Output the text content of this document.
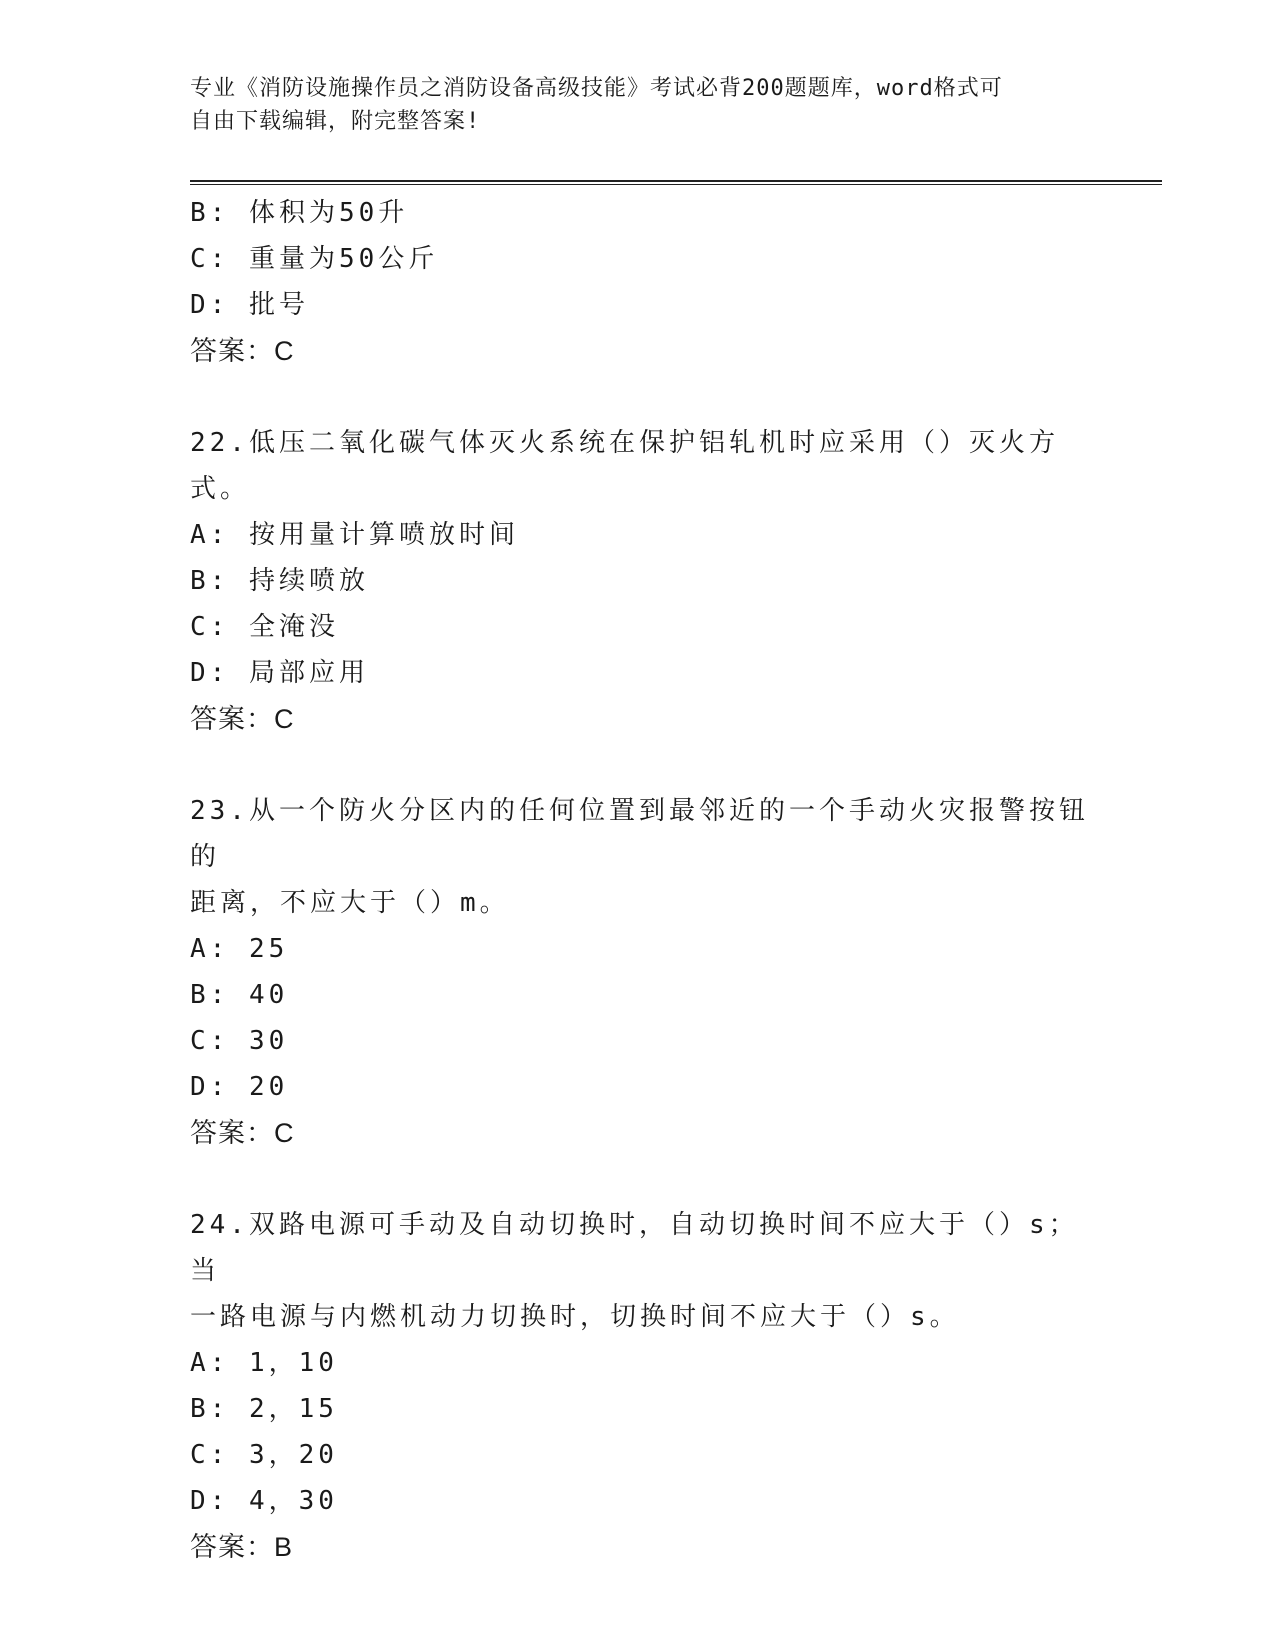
专业《消防设施操作员之消防设备高级技能》考试必背200题题库，word格式可
自由下载编辑，附完整答案!
B: 体积为50升
C: 重量为50公斤
D: 批号
答案：C
22.低压二氧化碳气体灭火系统在保护铝轧机时应采用（）灭火方式。
A: 按用量计算喷放时间
B: 持续喷放
C: 全淹没
D: 局部应用
答案：C
23.从一个防火分区内的任何位置到最邻近的一个手动火灾报警按钮的
距离，不应大于（）m。
A: 25
B: 40
C: 30
D: 20
答案：C
24.双路电源可手动及自动切换时，自动切换时间不应大于（）s；当
一路电源与内燃机动力切换时，切换时间不应大于（）s。
A: 1，10
B: 2，15
C: 3，20
D: 4，30
答案：B
